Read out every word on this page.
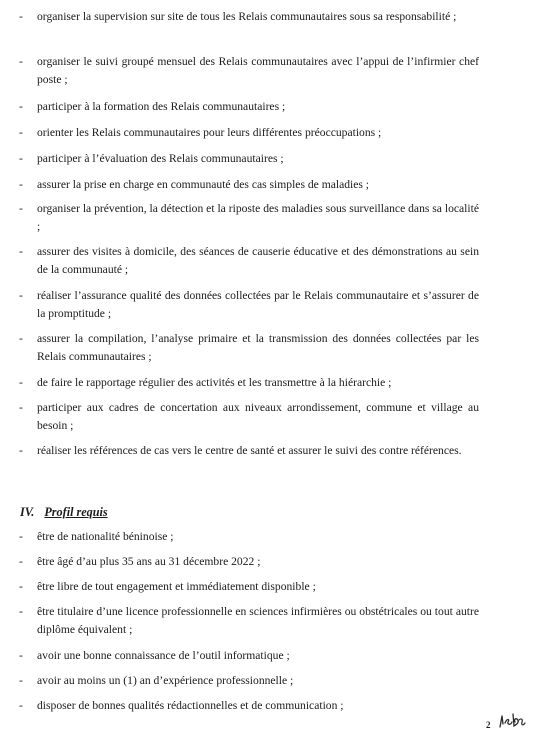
-	organiser la supervision sur site de tous les Relais communautaires sous sa responsabilité ;
-	organiser le suivi groupé mensuel des Relais communautaires avec l’appui de l’infirmier chef poste ;
-	participer à la formation des Relais communautaires ;
-	orienter les Relais communautaires pour leurs différentes préoccupations ;
-	participer à l’évaluation des Relais communautaires ;
-	assurer la prise en charge en communauté des cas simples de maladies ;
-	organiser la prévention, la détection et la riposte des maladies sous surveillance dans sa localité ;
-	assurer des visites à domicile, des séances de causerie éducative et des démonstrations au sein de la communauté ;
-	réaliser l’assurance qualité des données collectées par le Relais communautaire et s’assurer de la promptitude ;
-	assurer la compilation, l’analyse primaire et la transmission des données collectées par les Relais communautaires ;
-	de faire le rapportage régulier des activités et les transmettre à la hiérarchie ;
-	participer aux cadres de concertation aux niveaux arrondissement, commune et village au besoin ;
-	réaliser les références de cas vers le centre de santé et assurer le suivi des contre références.
IV. Profil requis
-	être de nationalité béninoise ;
-	être âgé d’au plus 35 ans au 31 décembre 2022 ;
-	être libre de tout engagement et immédiatement disponible ;
-	être titulaire d’une licence professionnelle en sciences infirmières ou obstétricales ou tout autre diplôme équivalent ;
-	avoir une bonne connaissance de l’outil informatique ;
-	avoir au moins un (1) an d’expérience professionnelle ;
-	disposer de bonnes qualités rédactionnelles et de communication ;
2
